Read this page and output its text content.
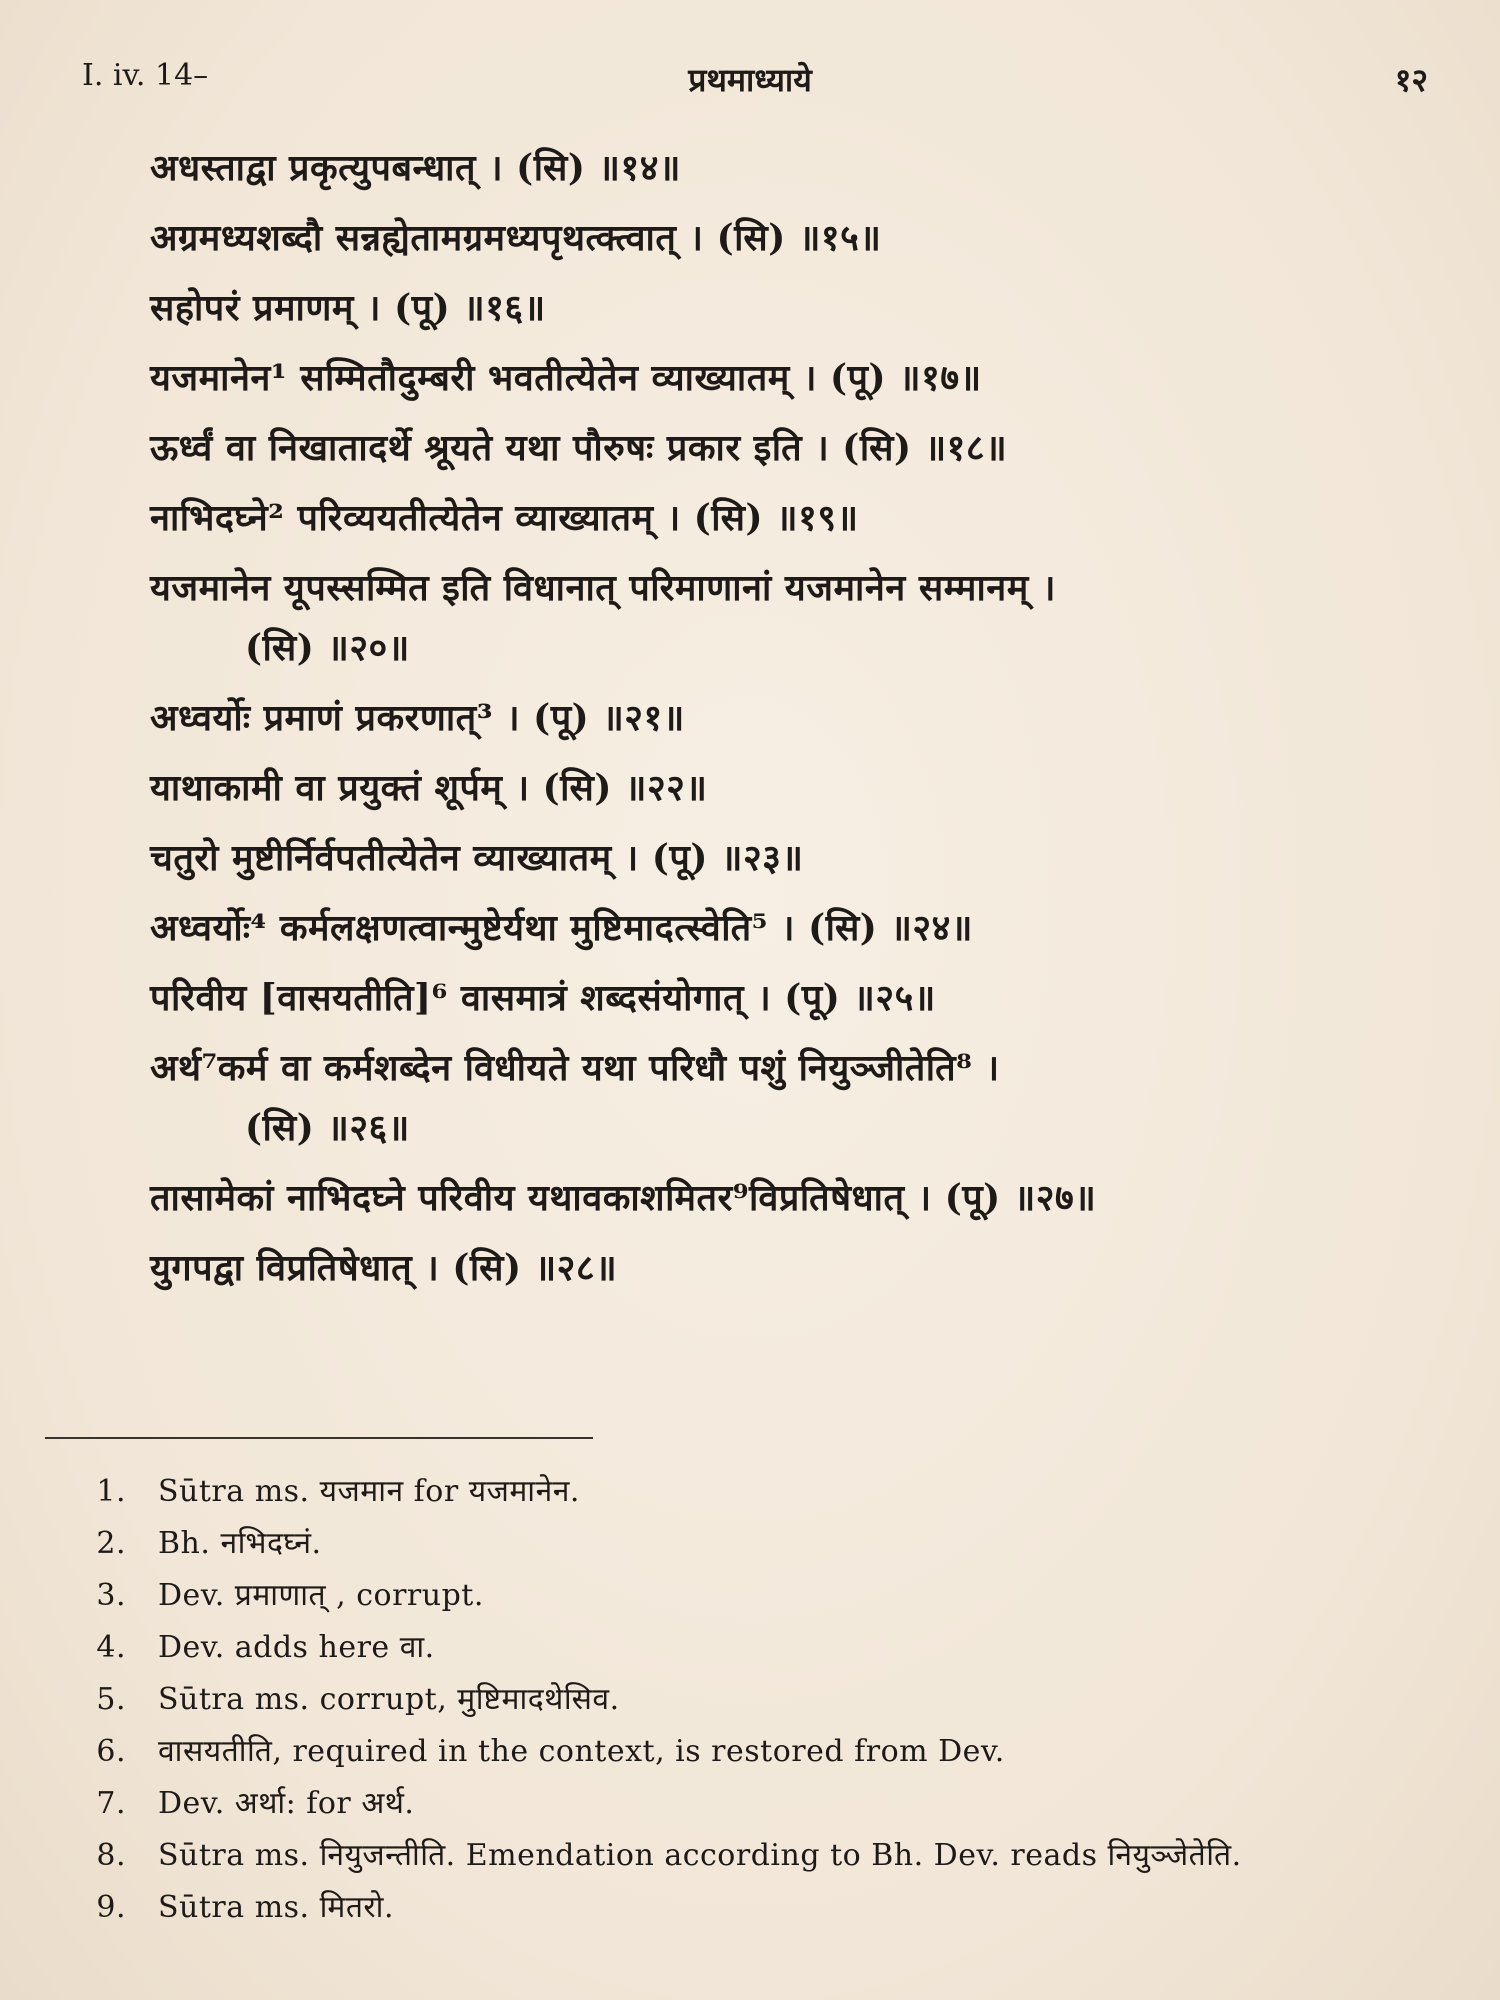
I. iv. 14–	प्रथमाध्याये	१२
अधस्ताद्वा प्रकृत्युपबन्धात् । (सि) ॥१४॥
अग्रमध्यशब्दौ सन्नह्येतामग्रमध्यपृथत्क्त्वात् । (सि) ॥१५॥
सहोपरं प्रमाणम् । (पू) ॥१६॥
यजमानेन¹ सम्मितौदुम्बरी भवतीत्येतेन व्याख्यातम् । (पू) ॥१७॥
ऊर्ध्वं वा निखातादर्थे श्रूयते यथा पौरुषः प्रकार इति । (सि) ॥१८॥
नाभिदघ्ने² परिव्ययतीत्येतेन व्याख्यातम् । (सि) ॥१९॥
यजमानेन यूपस्सम्मित इति विधानात् परिमाणानां यजमानेन सम्मानम् ।
(सि) ॥२०॥
अध्वर्योः प्रमाणं प्रकरणात्³ । (पू) ॥२१॥
याथाकामी वा प्रयुक्तं शूर्पम् । (सि) ॥२२॥
चतुरो मुष्टीर्निर्वपतीत्येतेन व्याख्यातम् । (पू) ॥२३॥
अध्वर्योः⁴ कर्मलक्षणत्वान्मुष्टेर्यथा मुष्टिमादत्स्वेति⁵ । (सि) ॥२४॥
परिवीय [वासयतीति]⁶ वासमात्रं शब्दसंयोगात् । (पू) ॥२५॥
अर्थ⁷कर्म वा कर्मशब्देन विधीयते यथा परिधौ पशुं नियुञ्जीतेति⁸ ।
(सि) ॥२६॥
तासामेकां नाभिदघ्ने परिवीय यथावकाशमितर⁹विप्रतिषेधात् । (पू) ॥२७॥
युगपद्वा विप्रतिषेधात् । (सि) ॥२८॥
1. Sūtra ms. यजमान for यजमानेन.
2. Bh. नभिदघ्नं.
3. Dev. प्रमाणात् , corrupt.
4. Dev. adds here वा.
5. Sūtra ms. corrupt, मुष्टिमादथेसिव.
6. वासयतीति, required in the context, is restored from Dev.
7. Dev. अर्था: for अर्थ.
8. Sūtra ms. नियुजन्तीति. Emendation according to Bh. Dev. reads नियुञ्जेतेति.
9. Sūtra ms. मितरो.
